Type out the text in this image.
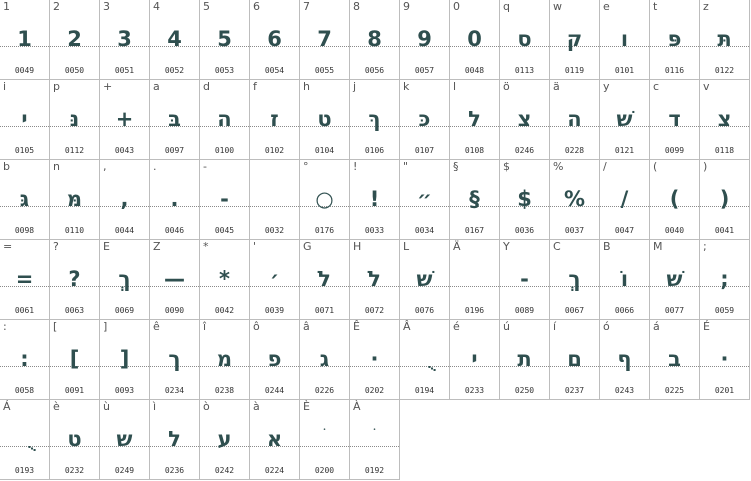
1
1
0049
2
2
0050
3
3
0051
4
4
0052
5
5
0053
6
6
0054
7
7
0055
8
8
0056
9
9
0057
0
0
0048
q
ס
0113
w
ק
0119
e
ו
0101
t
פּ
0116
z
תּ
0122
i
י
0105
p
נּ
0112
+
+
0043
a
בּ
0097
d
ה
0100
f
ז
0102
h
ט
0104
j
ךּ
0106
k
כּ
0107
l
ל
0108
ö
צ
0246
ä
ה
0228
y
שׁ
0121
c
ד
0099
v
צ
0118
b
גּ
0098
n
מּ
0110
,
,
0044
.
.
0046
-
-
0045	0032
°
○
0176
!
!
0033
"
״
0034
§
§
0167
$
$
0036
%
%
0037
/
/
0047
(
(
0040
)
)
0041
=
=
0061
?
?
0063
E
ךְ
0069
Z
—
0090
*
*
0042
'
׳
0039
G
לֹ
0071
H
לֹ
0072
L
שׁ
0076
Ä
0196
Y
-
0089
C
ךְ
0067
B
וֹ
0066
M
שׁ
0077
;
;
0059
:
:
0058
[
[
0091
]
]
0093
ê
ך
0234
î
מ
0238
ô
פ
0244
â
ג
0226
Ê
·
0202
Â
0194
é
י
0233
ú
ת
0250
í
ם
0237
ó
ף
0243
á
ב
0225
É
·
0201
Á
0193
è
ט
0232
ù
ש
0249
ì
ל
0236
ò
ע
0242
à
א
0224
È
0200
À
0192
